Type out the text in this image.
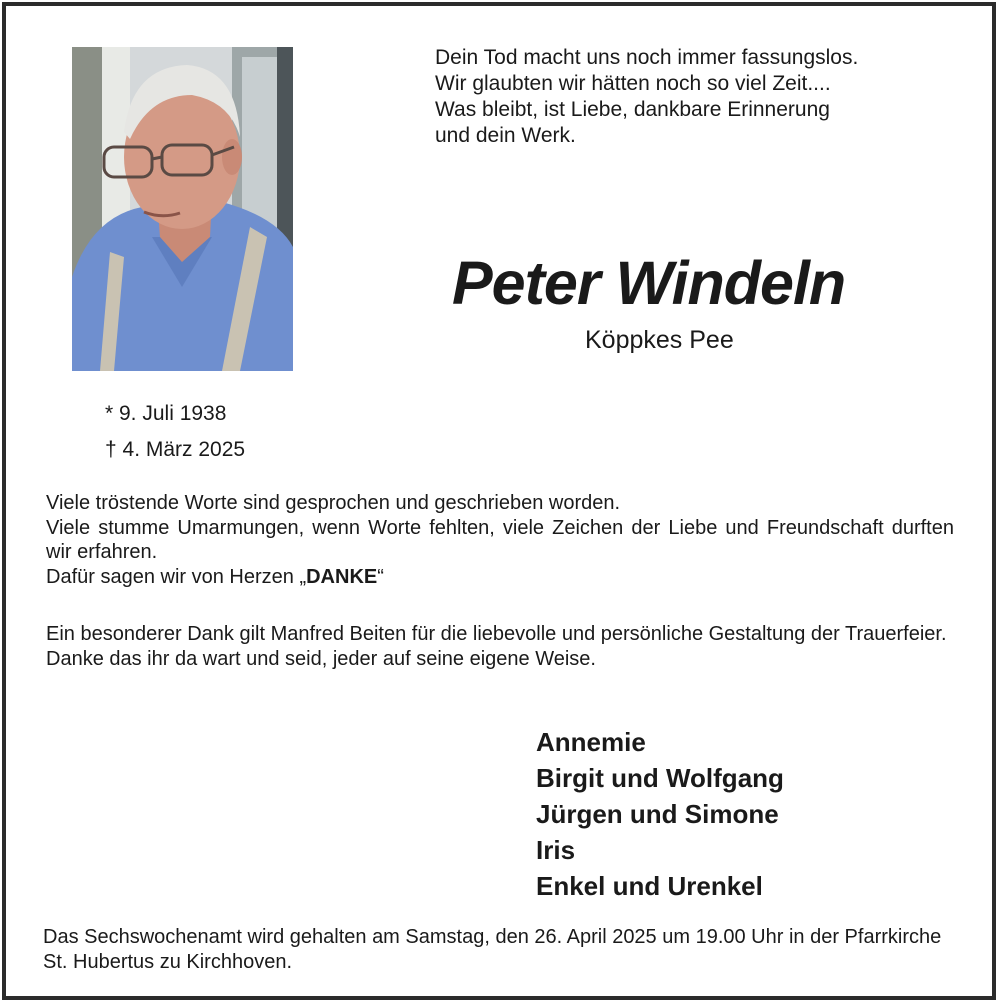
Dein Tod macht uns noch immer fassungslos.
Wir glaubten wir hätten noch so viel Zeit....
Was bleibt, ist Liebe, dankbare Erinnerung
und dein Werk.
Peter Windeln
Köppkes Pee
* 9. Juli 1938
† 4. März 2025
Viele tröstende Worte sind gesprochen und geschrieben worden.
Viele stumme Umarmungen, wenn Worte fehlten, viele Zeichen der Liebe und Freundschaft durften wir erfahren.
Dafür sagen wir von Herzen „DANKE“
Ein besonderer Dank gilt Manfred Beiten für die liebevolle und persönliche Gestaltung der Trauerfeier.
Danke das ihr da wart und seid, jeder auf seine eigene Weise.
Annemie
Birgit und Wolfgang
Jürgen und Simone
Iris
Enkel und Urenkel
Das Sechswochenamt wird gehalten am Samstag, den 26. April 2025 um 19.00 Uhr in der Pfarrkirche St. Hubertus zu Kirchhoven.
